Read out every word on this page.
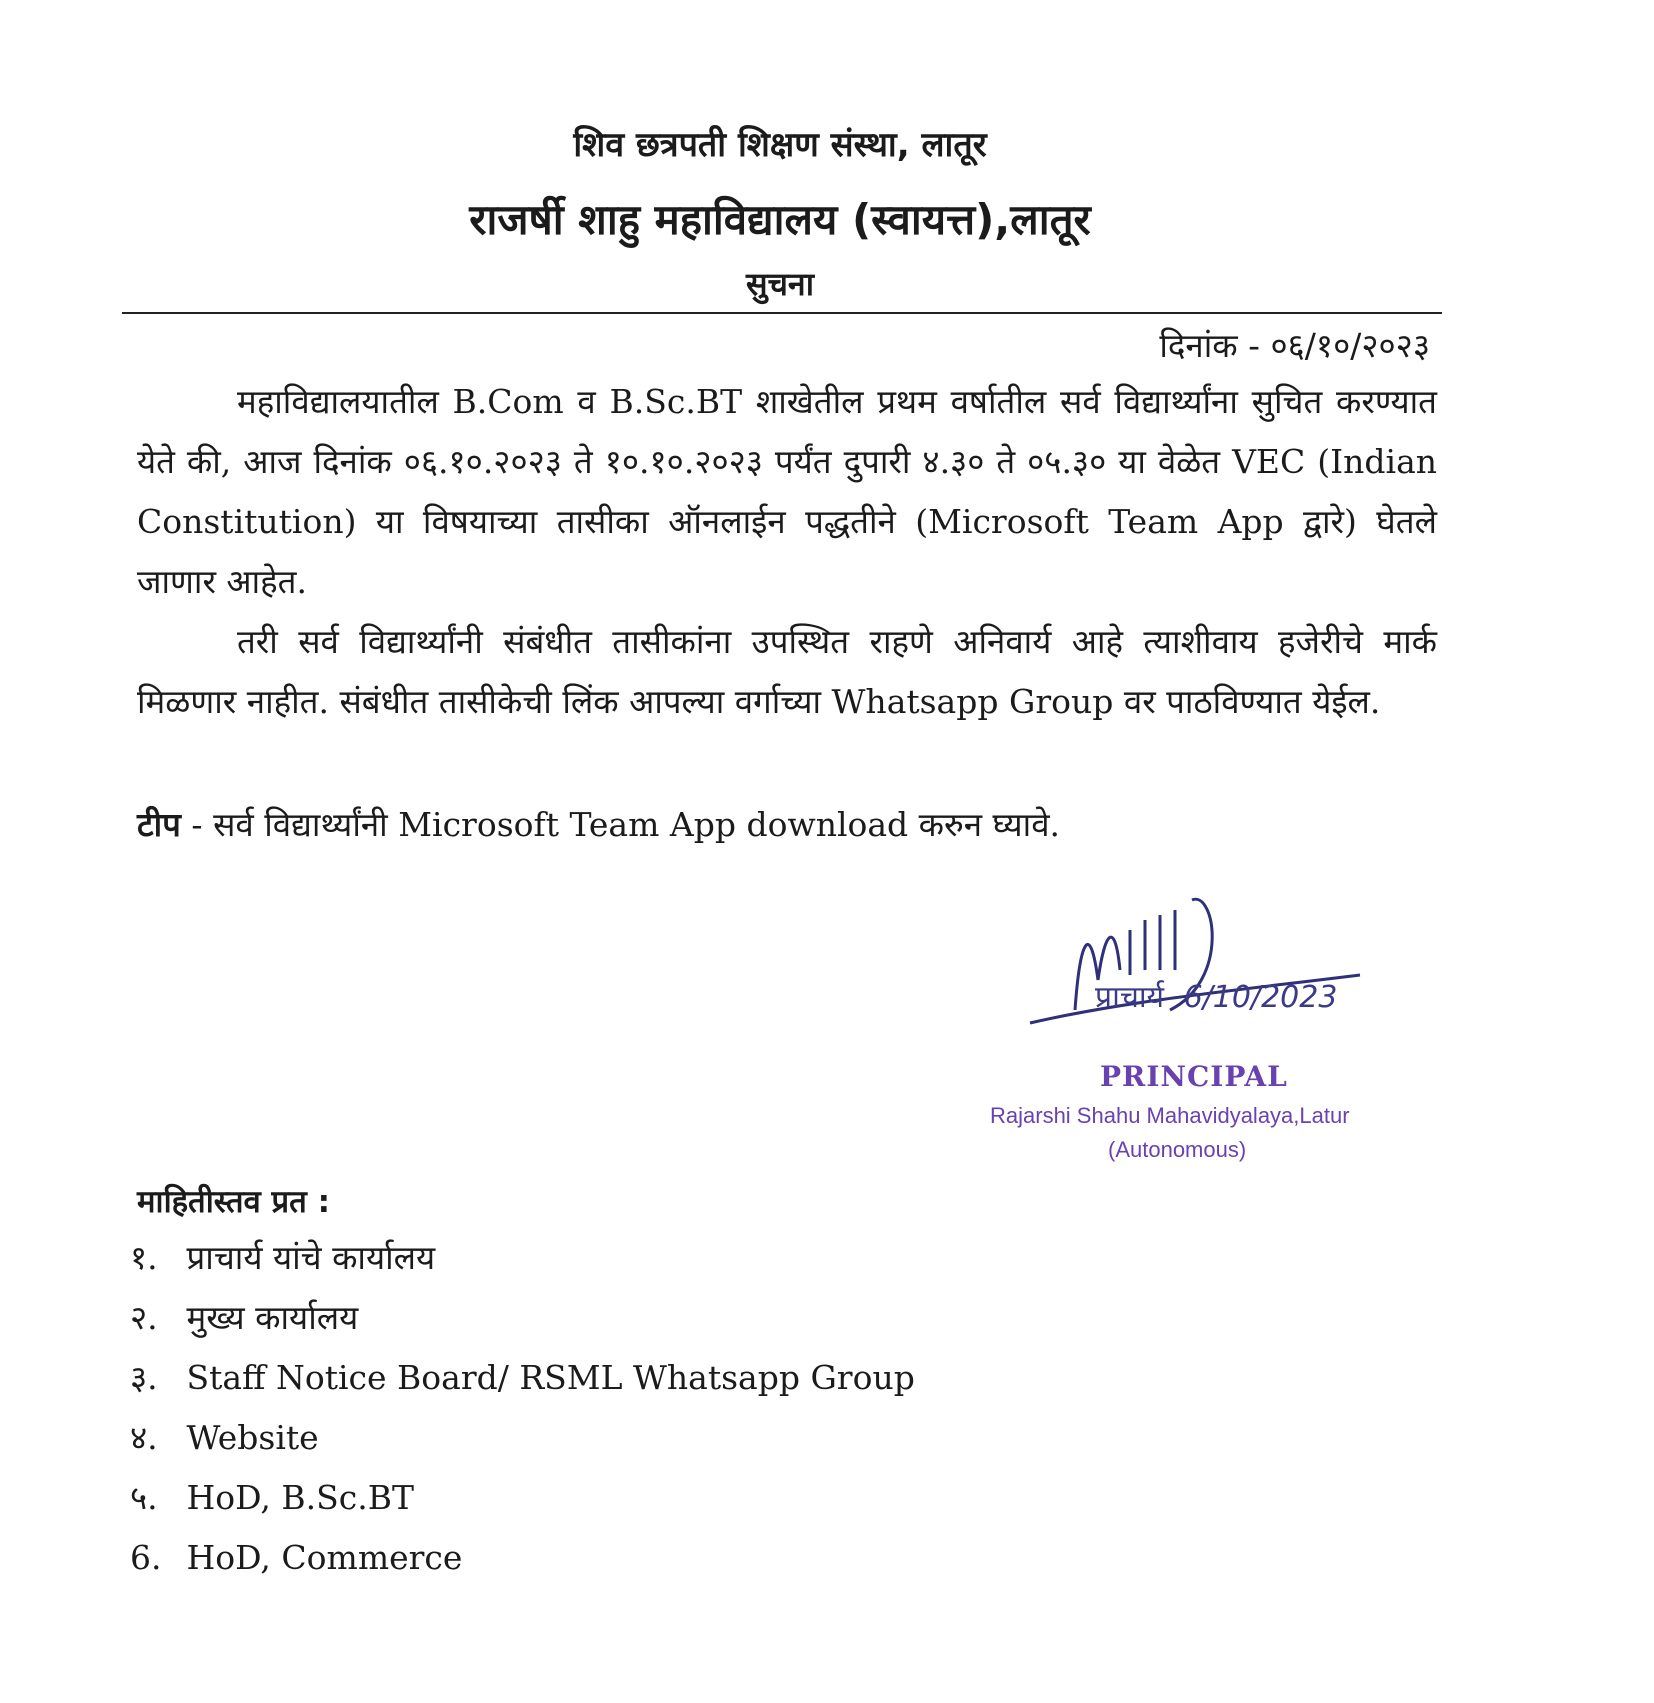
शिव छत्रपती शिक्षण संस्था, लातूर
राजर्षी शाहु महाविद्यालय (स्वायत्त),लातूर
सुचना
दिनांक - ०६/१०/२०२३
महाविद्यालयातील B.Com व B.Sc.BT शाखेतील प्रथम वर्षातील सर्व विद्यार्थ्यांना सुचित करण्यात येते की, आज दिनांक ०६.१०.२०२३ ते १०.१०.२०२३ पर्यंत दुपारी ४.३० ते ०५.३० या वेळेत VEC (Indian Constitution) या विषयाच्या तासीका ऑनलाईन पद्धतीने (Microsoft Team App द्वारे) घेतले जाणार आहेत.
तरी सर्व विद्यार्थ्यांनी संबंधीत तासीकांना उपस्थित राहणे अनिवार्य आहे त्याशीवाय हजेरीचे मार्क मिळणार नाहीत. संबंधीत तासीकेची लिंक आपल्या वर्गाच्या Whatsapp Group वर पाठविण्यात येईल.
टीप - सर्व विद्यार्थ्यांनी Microsoft Team App download करुन घ्यावे.
प्राचार्य 6/10/2023
PRINCIPAL
Rajarshi Shahu Mahavidyalaya,Latur
(Autonomous)
माहितीस्तव प्रत :
१. प्राचार्य यांचे कार्यालय
२. मुख्य कार्यालय
३. Staff Notice Board/ RSML Whatsapp Group
४. Website
५. HoD, B.Sc.BT
6. HoD, Commerce
